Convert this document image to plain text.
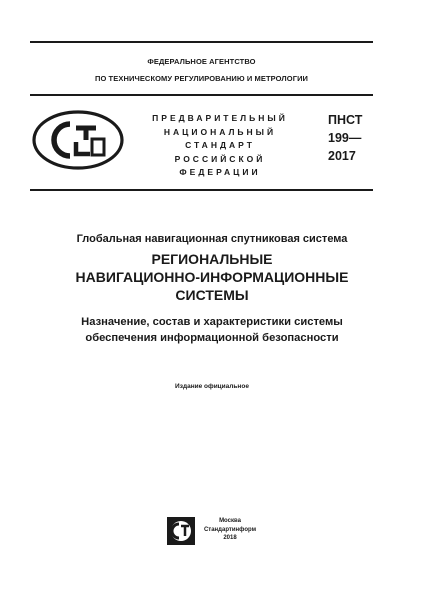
ФЕДЕРАЛЬНОЕ АГЕНТСТВО
ПО ТЕХНИЧЕСКОМУ РЕГУЛИРОВАНИЮ И МЕТРОЛОГИИ
ПРЕДВАРИТЕЛЬНЫЙ
НАЦИОНАЛЬНЫЙ
СТАНДАРТ
РОССИЙСКОЙ
ФЕДЕРАЦИИ
ПНСТ
199—
2017
Глобальная навигационная спутниковая система
РЕГИОНАЛЬНЫЕ
НАВИГАЦИОННО-ИНФОРМАЦИОННЫЕ
СИСТЕМЫ
Назначение, состав и характеристики системы
обеспечения информационной безопасности
Издание официальное
Москва
Стандартинформ
2018
